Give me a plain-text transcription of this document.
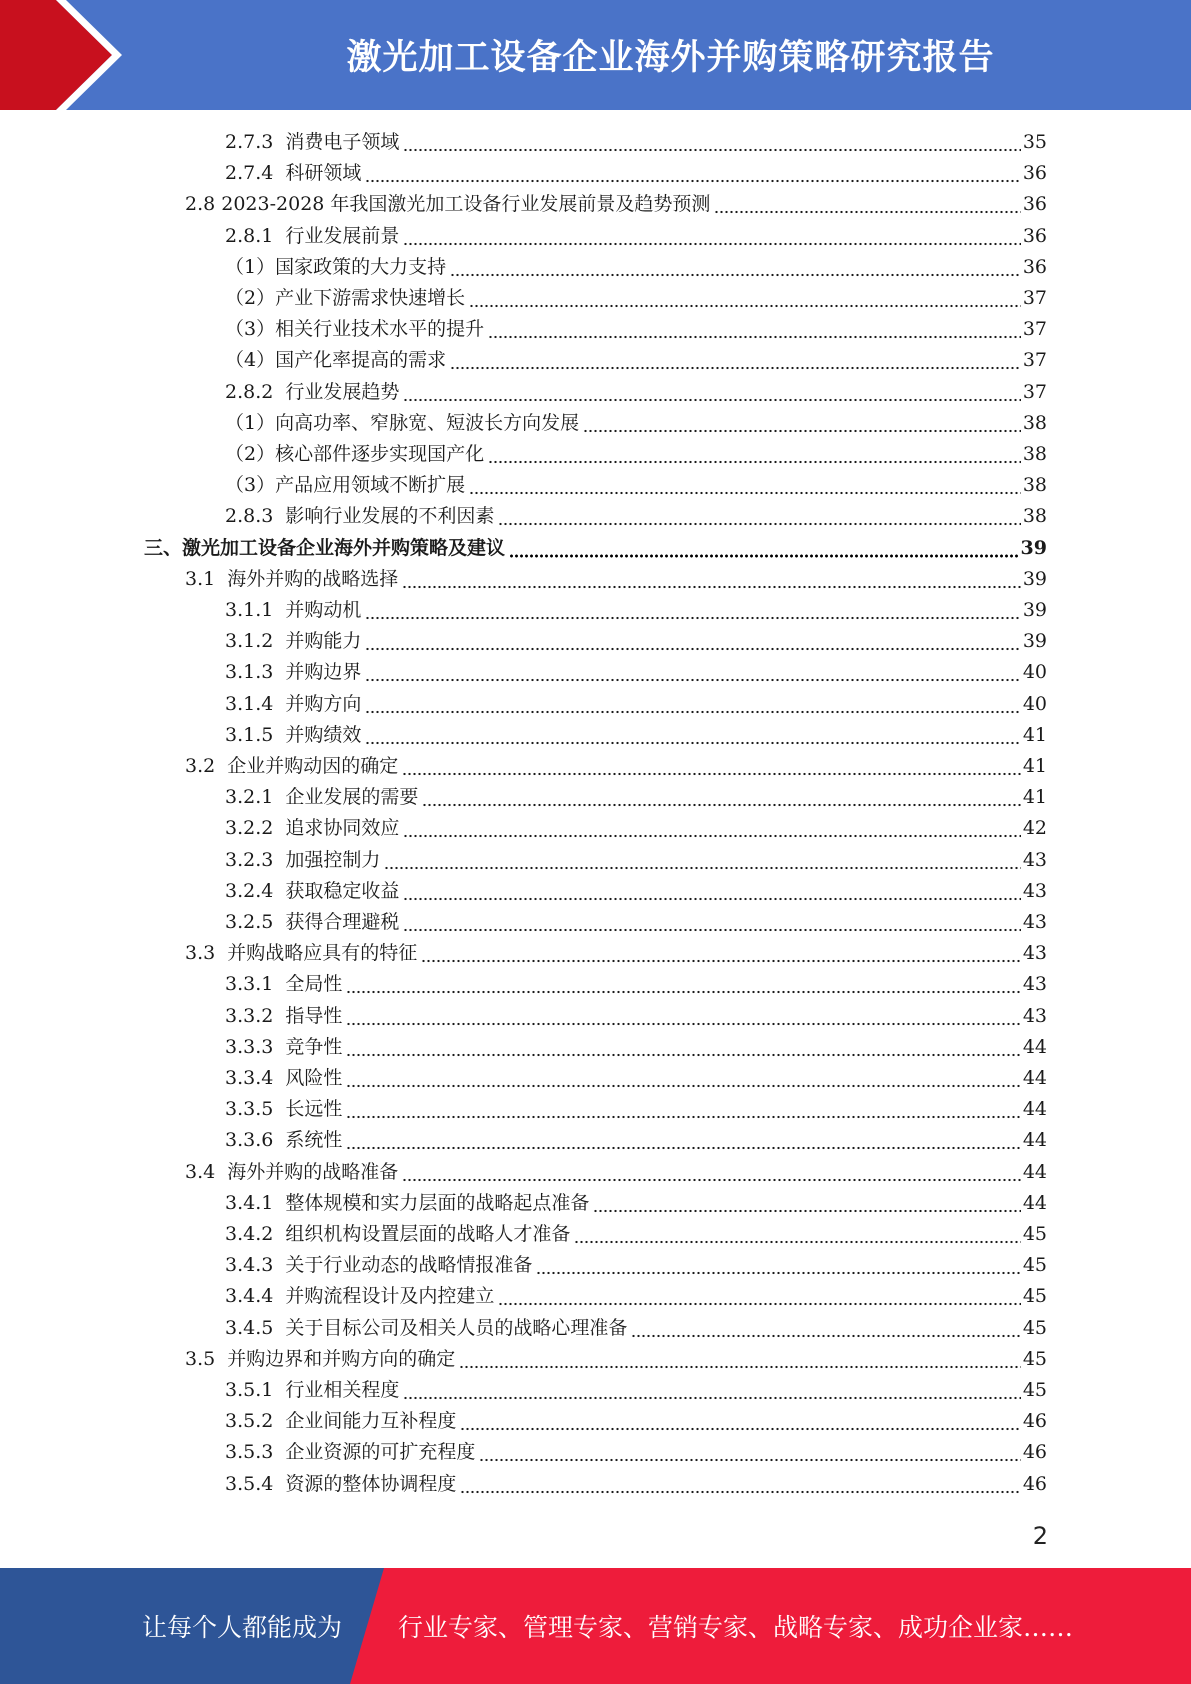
激光加工设备企业海外并购策略研究报告
2.7.3 消费电子领域	35
2.7.4 科研领域	36
2.8 2023-2028 年我国激光加工设备行业发展前景及趋势预测	36
2.8.1 行业发展前景	36
（1）国家政策的大力支持	36
（2）产业下游需求快速增长	37
（3）相关行业技术水平的提升	37
（4）国产化率提高的需求	37
2.8.2 行业发展趋势	37
（1）向高功率、窄脉宽、短波长方向发展	38
（2）核心部件逐步实现国产化	38
（3）产品应用领域不断扩展	38
2.8.3 影响行业发展的不利因素	38
三、激光加工设备企业海外并购策略及建议	39
3.1 海外并购的战略选择	39
3.1.1 并购动机	39
3.1.2 并购能力	39
3.1.3 并购边界	40
3.1.4 并购方向	40
3.1.5 并购绩效	41
3.2 企业并购动因的确定	41
3.2.1 企业发展的需要	41
3.2.2 追求协同效应	42
3.2.3 加强控制力	43
3.2.4 获取稳定收益	43
3.2.5 获得合理避税	43
3.3 并购战略应具有的特征	43
3.3.1 全局性	43
3.3.2 指导性	43
3.3.3 竞争性	44
3.3.4 风险性	44
3.3.5 长远性	44
3.3.6 系统性	44
3.4 海外并购的战略准备	44
3.4.1 整体规模和实力层面的战略起点准备	44
3.4.2 组织机构设置层面的战略人才准备	45
3.4.3 关于行业动态的战略情报准备	45
3.4.4 并购流程设计及内控建立	45
3.4.5 关于目标公司及相关人员的战略心理准备	45
3.5 并购边界和并购方向的确定	45
3.5.1 行业相关程度	45
3.5.2 企业间能力互补程度	46
3.5.3 企业资源的可扩充程度	46
3.5.4 资源的整体协调程度	46
2
让每个人都能成为 行业专家、管理专家、营销专家、战略专家、成功企业家……
